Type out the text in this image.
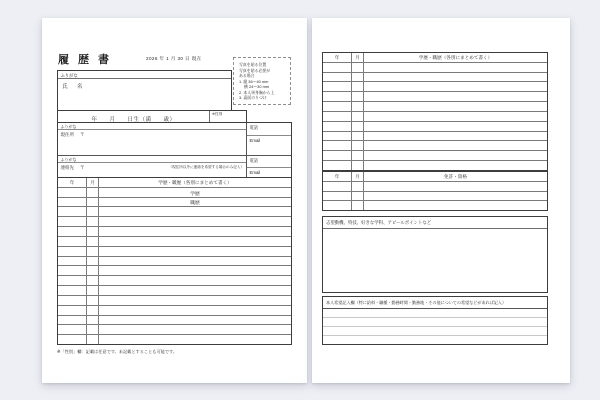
履歴書	2026 年 1 月 30 日 現在
写真を貼る位置
写真を貼る必要が
ある場合
1. 縦 36〜40 mm
　 横 24〜30 mm
2. 本人単身胸から上
3. 裏面のりづけ
ふりがな
氏　名
年　　月　　日生（満　　歳）
※性別
ふりがな
現住所 〒
電話
Email
ふりがな
（現住所以外に連絡を希望する場合のみ記入）
連絡先 〒
電話
Email
年	月	学歴・職歴（各別にまとめて書く）
学歴
職歴
※「性別」欄：記載は任意です。未記載とすることも可能です。
年	月	学歴・職歴（各別にまとめて書く）
年	月	免許・資格
志望動機、特技、好きな学科、アピールポイントなど
本人希望記入欄（特に給料・職種・勤務時間・勤務地・その他についての希望などがあれば記入）
